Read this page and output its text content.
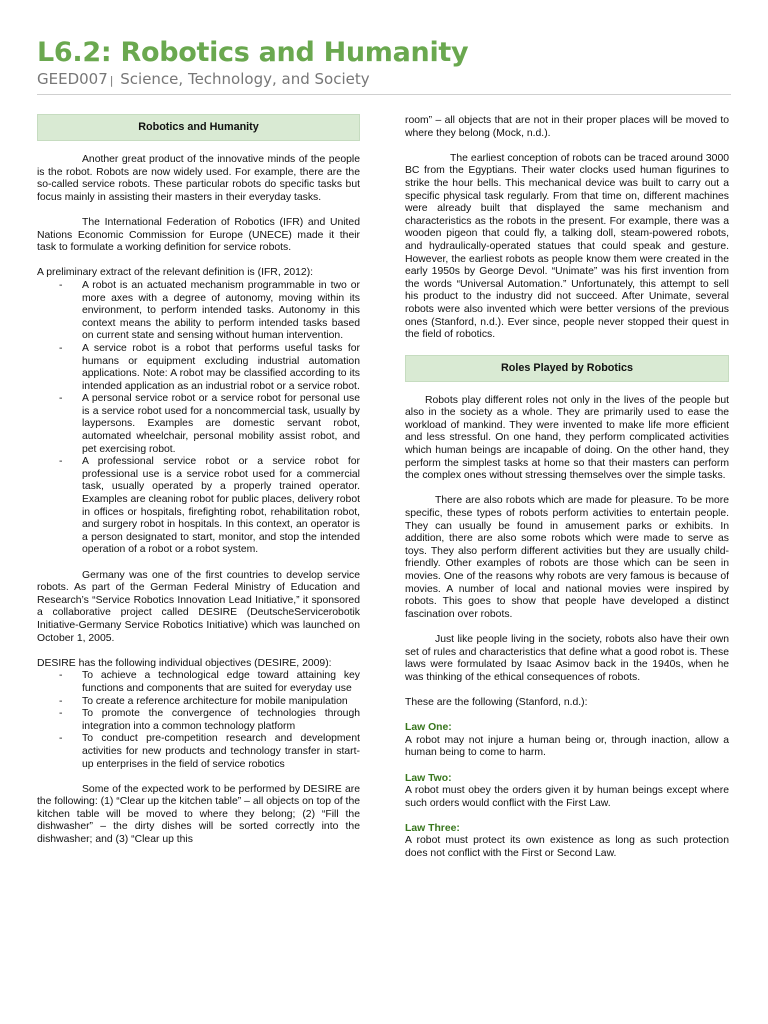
L6.2: Robotics and Humanity

GEED007 | Science, Technology, and Society

Robotics and Humanity

Another great product of the innovative minds of the people is the robot. Robots are now widely used. For example, there are the so-called service robots. These particular robots do specific tasks but focus mainly in assisting their masters in their everyday tasks.

The International Federation of Robotics (IFR) and United Nations Economic Commission for Europe (UNECE) made it their task to formulate a working definition for service robots.

A preliminary extract of the relevant definition is (IFR, 2012):

- A robot is an actuated mechanism programmable in two or more axes with a degree of autonomy, moving within its environment, to perform intended tasks. Autonomy in this context means the ability to perform intended tasks based on current state and sensing without human intervention.
- A service robot is a robot that performs useful tasks for humans or equipment excluding industrial automation applications. Note: A robot may be classified according to its intended application as an industrial robot or a service robot.
- A personal service robot or a service robot for personal use is a service robot used for a noncommercial task, usually by laypersons. Examples are domestic servant robot, automated wheelchair, personal mobility assist robot, and pet exercising robot.
- A professional service robot or a service robot for professional use is a service robot used for a commercial task, usually operated by a properly trained operator. Examples are cleaning robot for public places, delivery robot in offices or hospitals, firefighting robot, rehabilitation robot, and surgery robot in hospitals. In this context, an operator is a person designated to start, monitor, and stop the intended operation of a robot or a robot system.

Germany was one of the first countries to develop service robots. As part of the German Federal Ministry of Education and Research’s “Service Robotics Innovation Lead Initiative,” it sponsored a collaborative project called DESIRE (DeutscheServicerobotik Initiative-Germany Service Robotics Initiative) which was launched on October 1, 2005.

DESIRE has the following individual objectives (DESIRE, 2009):

- To achieve a technological edge toward attaining key functions and components that are suited for everyday use
- To create a reference architecture for mobile manipulation
- To promote the convergence of technologies through integration into a common technology platform
- To conduct pre-competition research and development activities for new products and technology transfer in start-up enterprises in the field of service robotics

Some of the expected work to be performed by DESIRE are the following: (1) “Clear up the kitchen table” – all objects on top of the kitchen table will be moved to where they belong; (2) “Fill the dishwasher” – the dirty dishes will be sorted correctly into the dishwasher; and (3) “Clear up this

room” – all objects that are not in their proper places will be moved to where they belong (Mock, n.d.).

The earliest conception of robots can be traced around 3000 BC from the Egyptians. Their water clocks used human figurines to strike the hour bells. This mechanical device was built to carry out a specific physical task regularly. From that time on, different machines were already built that displayed the same mechanism and characteristics as the robots in the present. For example, there was a wooden pigeon that could fly, a talking doll, steam-powered robots, and hydraulically-operated statues that could speak and gesture. However, the earliest robots as people know them were created in the early 1950s by George Devol. “Unimate” was his first invention from the words “Universal Automation.” Unfortunately, this attempt to sell his product to the industry did not succeed. After Unimate, several robots were also invented which were better versions of the previous ones (Stanford, n.d.). Ever since, people never stopped their quest in the field of robotics.

Roles Played by Robotics

Robots play different roles not only in the lives of the people but also in the society as a whole. They are primarily used to ease the workload of mankind. They were invented to make life more efficient and less stressful. On one hand, they perform complicated activities which human beings are incapable of doing. On the other hand, they perform the simplest tasks at home so that their masters can perform the complex ones without stressing themselves over the simple tasks.

There are also robots which are made for pleasure. To be more specific, these types of robots perform activities to entertain people. They can usually be found in amusement parks or exhibits. In addition, there are also some robots which were made to serve as toys. They also perform different activities but they are usually child-friendly. Other examples of robots are those which can be seen in movies. One of the reasons why robots are very famous is because of movies. A number of local and national movies were inspired by robots. This goes to show that people have developed a distinct fascination over robots.

Just like people living in the society, robots also have their own set of rules and characteristics that define what a good robot is. These laws were formulated by Isaac Asimov back in the 1940s, when he was thinking of the ethical consequences of robots.

These are the following (Stanford, n.d.):

Law One:

A robot may not injure a human being or, through inaction, allow a human being to come to harm.

Law Two:

A robot must obey the orders given it by human beings except where such orders would conflict with the First Law.

Law Three:

A robot must protect its own existence as long as such protection does not conflict with the First or Second Law.
